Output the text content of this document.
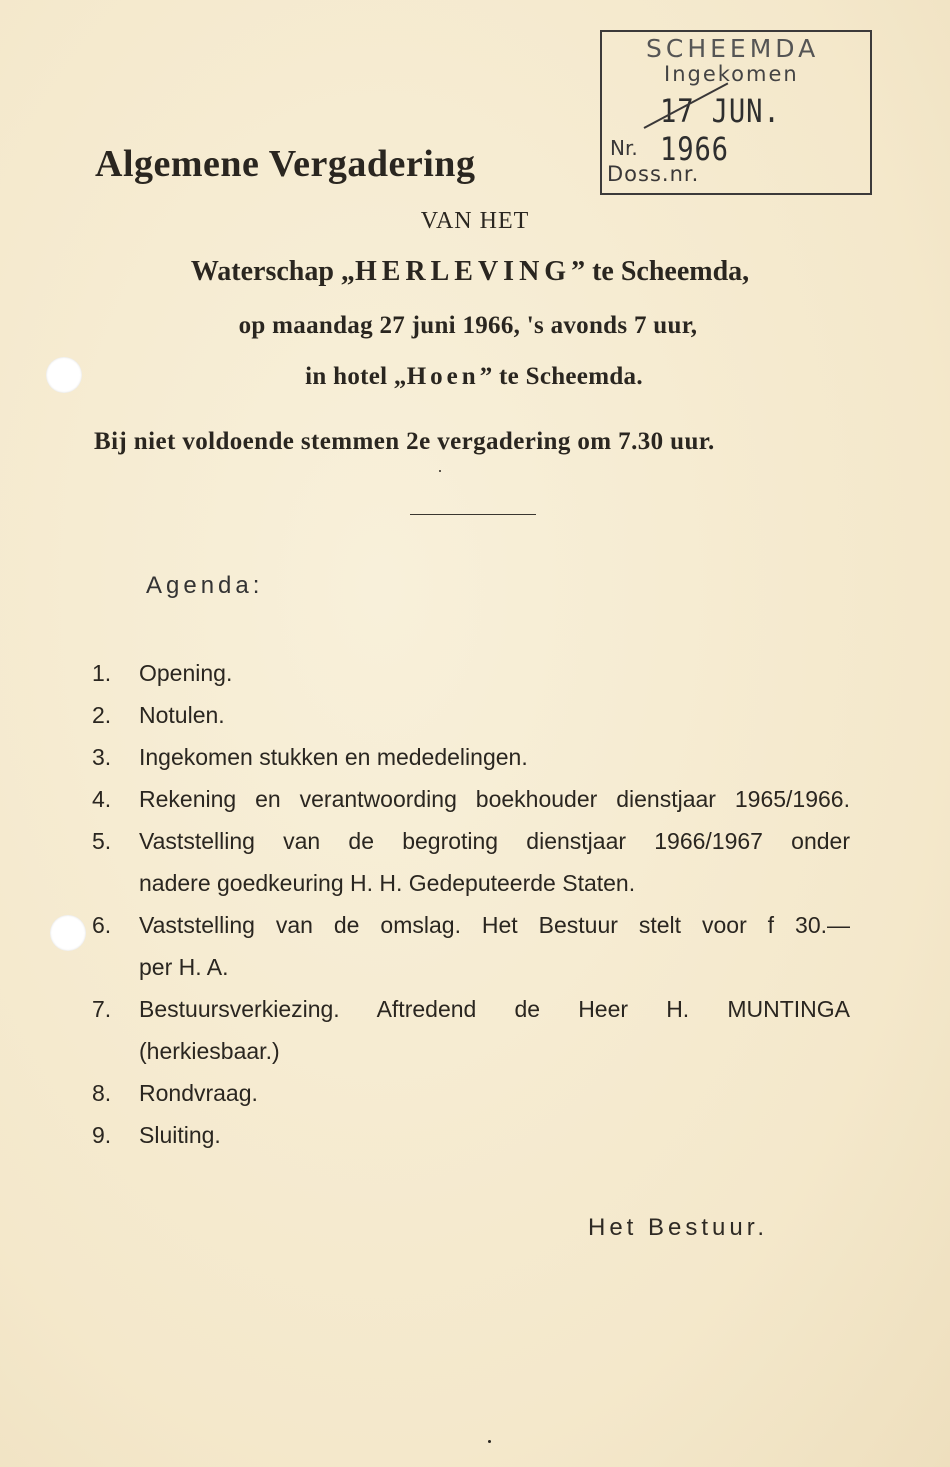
SCHEEMDA
Ingekomen
17 JUN. 1966
Nr.
Doss.nr.
Algemene Vergadering
VAN HET
Waterschap „HERLEVING” te Scheemda,
op maandag 27 juni 1966, 's avonds 7 uur,
in hotel „Hoen” te Scheemda.
Bij niet voldoende stemmen 2e vergadering om 7.30 uur.
Agenda:
1. Opening.
2. Notulen.
3. Ingekomen stukken en mededelingen.
4. Rekening en verantwoording boekhouder dienstjaar 1965/1966.
5. Vaststelling van de begroting dienstjaar 1966/1967 onder
nadere goedkeuring H. H. Gedeputeerde Staten.
6. Vaststelling van de omslag. Het Bestuur stelt voor f 30.—
per H. A.
7. Bestuursverkiezing. Aftredend de Heer H. MUNTINGA
(herkiesbaar.)
8. Rondvraag.
9. Sluiting.
Het Bestuur.
